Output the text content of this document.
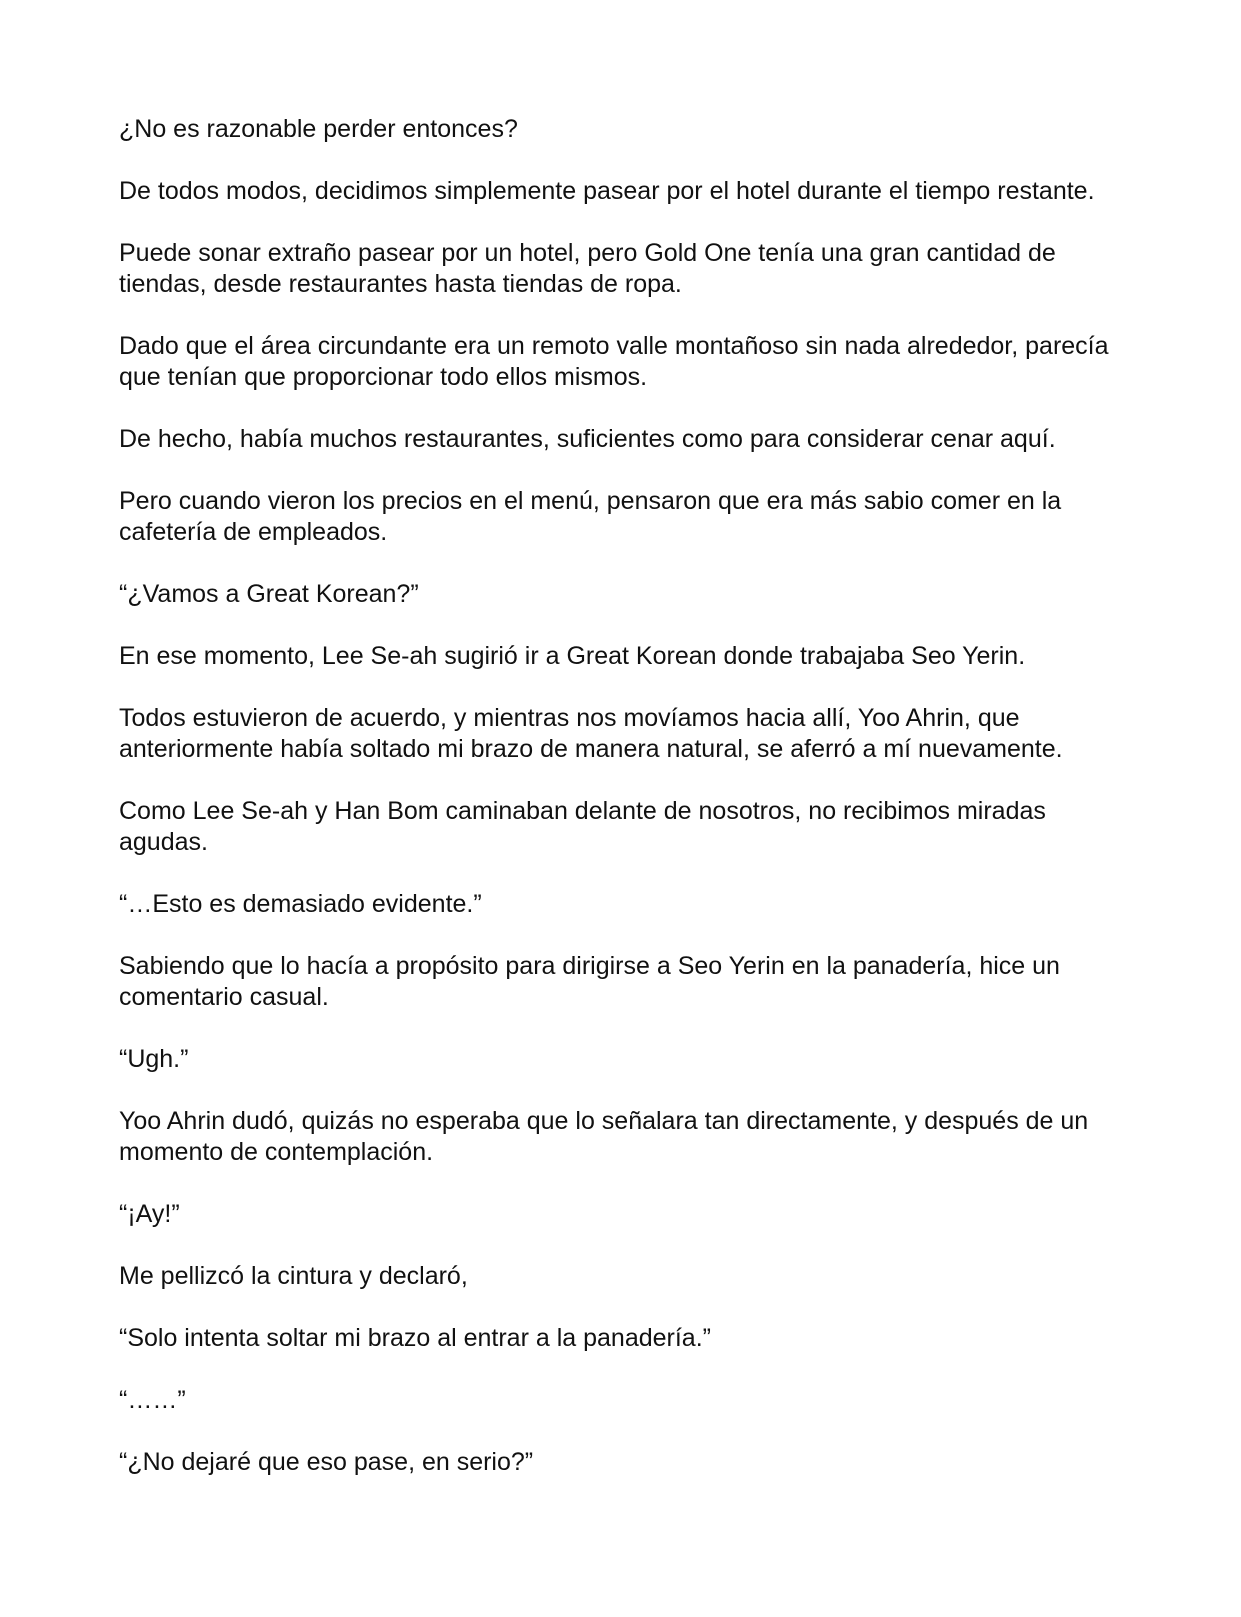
¿No es razonable perder entonces?

De todos modos, decidimos simplemente pasear por el hotel durante el tiempo restante.

Puede sonar extraño pasear por un hotel, pero Gold One tenía una gran cantidad de tiendas, desde restaurantes hasta tiendas de ropa.

Dado que el área circundante era un remoto valle montañoso sin nada alrededor, parecía que tenían que proporcionar todo ellos mismos.

De hecho, había muchos restaurantes, suficientes como para considerar cenar aquí.

Pero cuando vieron los precios en el menú, pensaron que era más sabio comer en la cafetería de empleados.

“¿Vamos a Great Korean?”

En ese momento, Lee Se-ah sugirió ir a Great Korean donde trabajaba Seo Yerin.

Todos estuvieron de acuerdo, y mientras nos movíamos hacia allí, Yoo Ahrin, que anteriormente había soltado mi brazo de manera natural, se aferró a mí nuevamente.

Como Lee Se-ah y Han Bom caminaban delante de nosotros, no recibimos miradas agudas.

“…Esto es demasiado evidente.”

Sabiendo que lo hacía a propósito para dirigirse a Seo Yerin en la panadería, hice un comentario casual.

“Ugh.”

Yoo Ahrin dudó, quizás no esperaba que lo señalara tan directamente, y después de un momento de contemplación.

“¡Ay!”

Me pellizcó la cintura y declaró,

“Solo intenta soltar mi brazo al entrar a la panadería.”

“……”

“¿No dejaré que eso pase, en serio?”
